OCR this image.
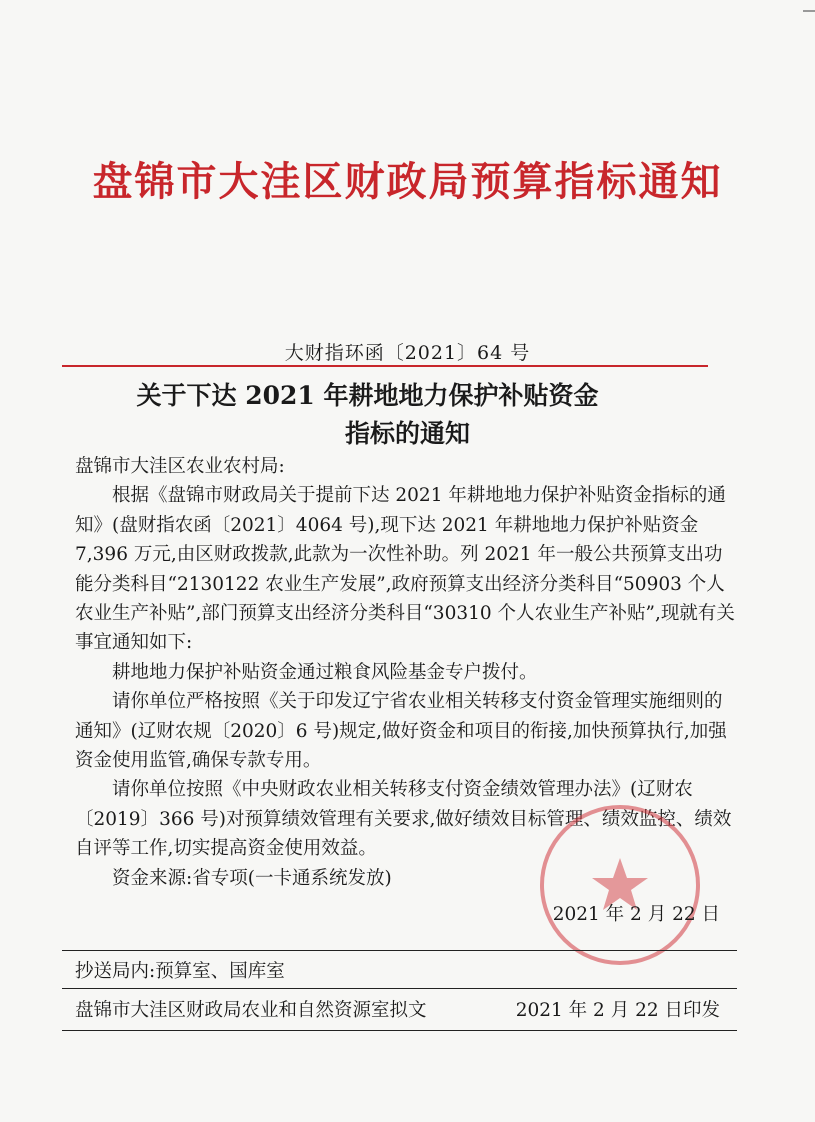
盘锦市大洼区财政局预算指标通知
大财指环函〔2021〕64 号
关于下达 2021 年耕地地力保护补贴资金
指标的通知

盘锦市大洼区农业农村局:

根据《盘锦市财政局关于提前下达 2021 年耕地地力保护补贴资金指标的通知》(盘财指农函〔2021〕4064 号),现下达 2021 年耕地地力保护补贴资金 7,396 万元,由区财政拨款,此款为一次性补助。列 2021 年一般公共预算支出功能分类科目“2130122 农业生产发展”,政府预算支出经济分类科目“50903 个人农业生产补贴”,部门预算支出经济分类科目“30310 个人农业生产补贴”,现就有关事宜通知如下:

耕地地力保护补贴资金通过粮食风险基金专户拨付。

请你单位严格按照《关于印发辽宁省农业相关转移支付资金管理实施细则的通知》(辽财农规〔2020〕6 号)规定,做好资金和项目的衔接,加快预算执行,加强资金使用监管,确保专款专用。

请你单位按照《中央财政农业相关转移支付资金绩效管理办法》(辽财农〔2019〕366 号)对预算绩效管理有关要求,做好绩效目标管理、绩效监控、绩效自评等工作,切实提高资金使用效益。

资金来源:省专项(一卡通系统发放)

2021 年 2 月 22 日
抄送局内:预算室、国库室
盘锦市大洼区财政局农业和自然资源室拟文	2021 年 2 月 22 日印发
